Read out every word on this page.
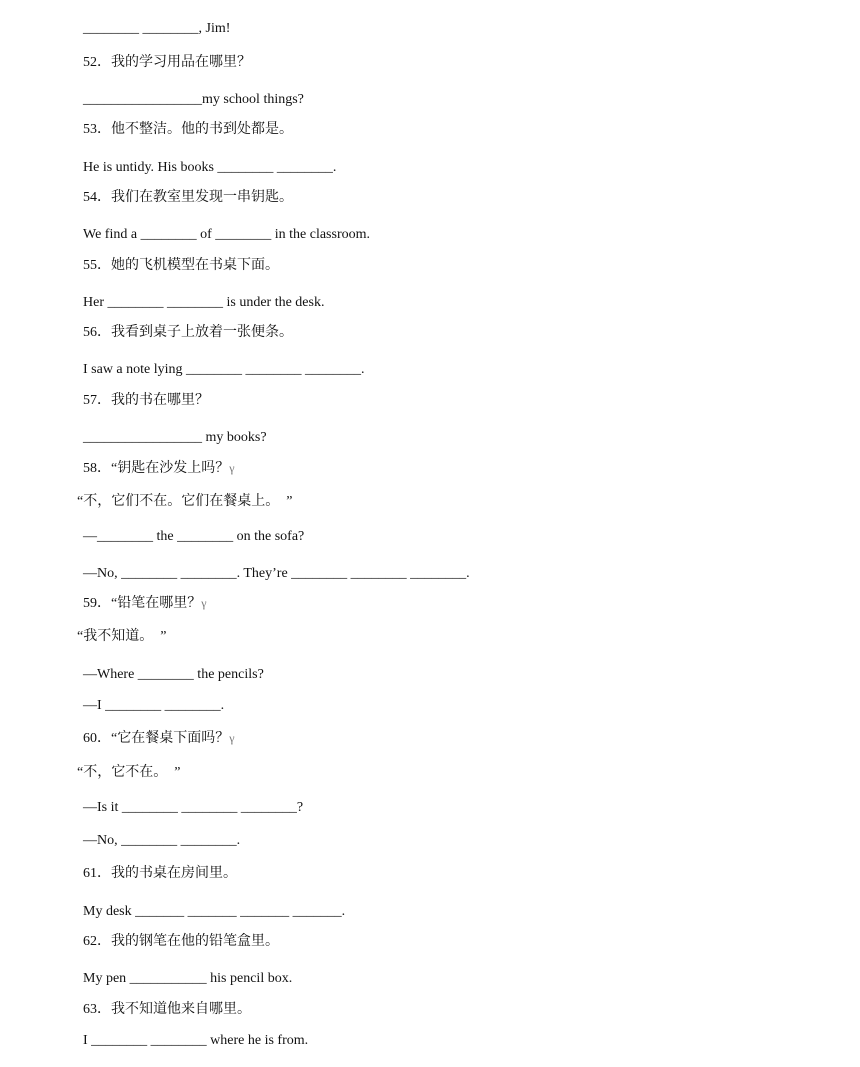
________ ________, Jim!
52．我的学习用品在哪里？
_________________my school things?
53．他不整洁。他的书到处都是。
He is untidy. His books ________ ________.
54．我们在教室里发现一串钥匙。
We find a ________ of ________ in the classroom.
55．她的飞机模型在书桌下面。
Her ________ ________ is under the desk.
56．我看到桌子上放着一张便条。
I saw a note lying ________ ________ ________.
57．我的书在哪里？
_________________ my books?
58．“钥匙在沙发上吗？γ
“不，它们不在。它们在餐桌上。　”
—________ the ________ on the sofa?
—No, ________ ________. They’re ________ ________ ________.
59．“铅笔在哪里？γ
“我不知道。　”
—Where ________ the pencils?
—I ________ ________.
60．“它在餐桌下面吗？γ
“不，它不在。　”
—Is it ________ ________ ________?
—No, ________ ________.
61．我的书桌在房间里。
My desk _______ _______ _______ _______.
62．我的钢笔在他的铅笔盒里。
My pen ___________ his pencil box.
63．我不知道他来自哪里。
I ________ ________ where he is from.
